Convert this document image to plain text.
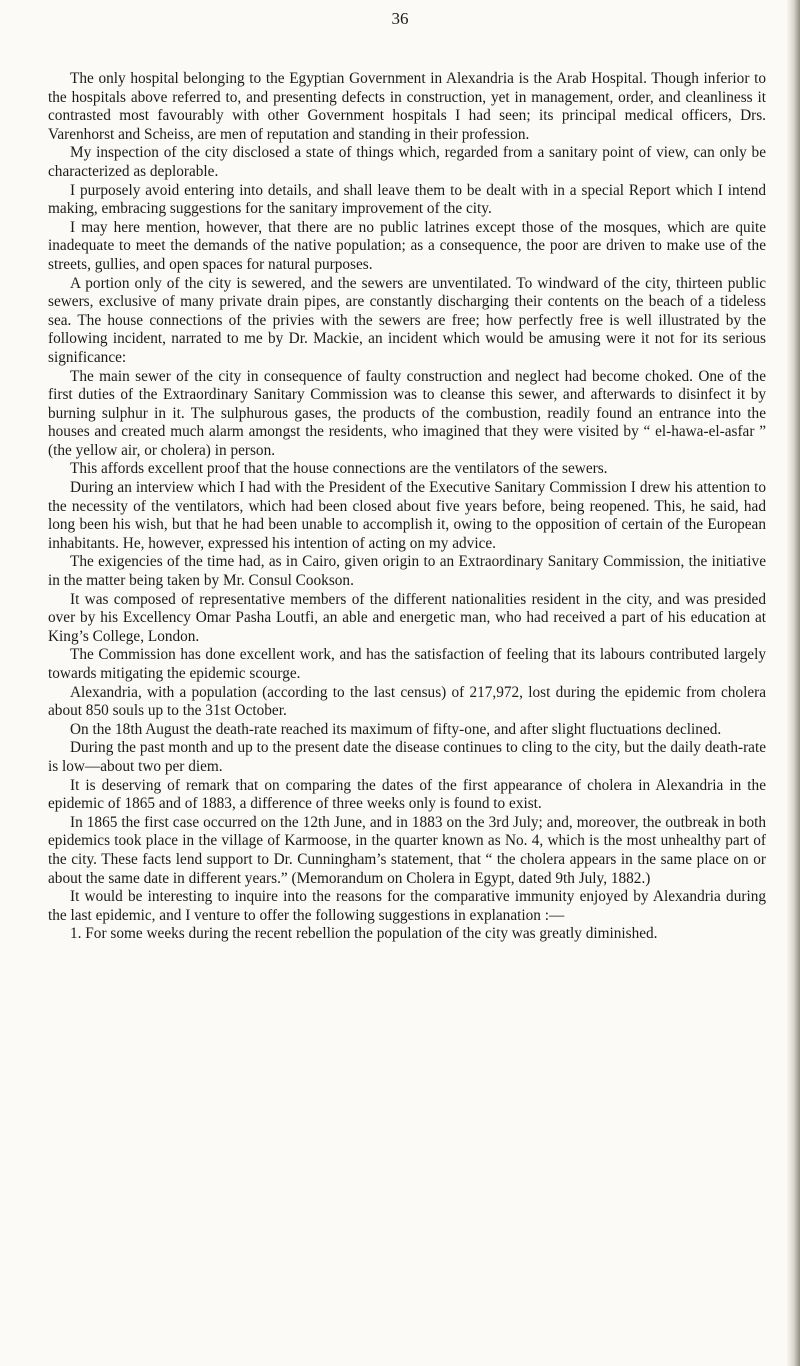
36

The only hospital belonging to the Egyptian Government in Alexandria is the Arab Hospital. Though inferior to the hospitals above referred to, and presenting defects in construction, yet in management, order, and cleanliness it contrasted most favourably with other Government hospitals I had seen; its principal medical officers, Drs. Varenhorst and Scheiss, are men of reputation and standing in their profession.

My inspection of the city disclosed a state of things which, regarded from a sanitary point of view, can only be characterized as deplorable.

I purposely avoid entering into details, and shall leave them to be dealt with in a special Report which I intend making, embracing suggestions for the sanitary improvement of the city.

I may here mention, however, that there are no public latrines except those of the mosques, which are quite inadequate to meet the demands of the native population; as a consequence, the poor are driven to make use of the streets, gullies, and open spaces for natural purposes.

A portion only of the city is sewered, and the sewers are unventilated. To windward of the city, thirteen public sewers, exclusive of many private drain pipes, are constantly discharging their contents on the beach of a tideless sea. The house connections of the privies with the sewers are free; how perfectly free is well illustrated by the following incident, narrated to me by Dr. Mackie, an incident which would be amusing were it not for its serious significance:

The main sewer of the city in consequence of faulty construction and neglect had become choked. One of the first duties of the Extraordinary Sanitary Commission was to cleanse this sewer, and afterwards to disinfect it by burning sulphur in it. The sulphurous gases, the products of the combustion, readily found an entrance into the houses and created much alarm amongst the residents, who imagined that they were visited by “ el-hawa-el-asfar ” (the yellow air, or cholera) in person.

This affords excellent proof that the house connections are the ventilators of the sewers.

During an interview which I had with the President of the Executive Sanitary Commission I drew his attention to the necessity of the ventilators, which had been closed about five years before, being reopened. This, he said, had long been his wish, but that he had been unable to accomplish it, owing to the opposition of certain of the European inhabitants. He, however, expressed his intention of acting on my advice.

The exigencies of the time had, as in Cairo, given origin to an Extraordinary Sanitary Commission, the initiative in the matter being taken by Mr. Consul Cookson.

It was composed of representative members of the different nationalities resident in the city, and was presided over by his Excellency Omar Pasha Loutfi, an able and energetic man, who had received a part of his education at King’s College, London.

The Commission has done excellent work, and has the satisfaction of feeling that its labours contributed largely towards mitigating the epidemic scourge.

Alexandria, with a population (according to the last census) of 217,972, lost during the epidemic from cholera about 850 souls up to the 31st October.

On the 18th August the death-rate reached its maximum of fifty-one, and after slight fluctuations declined.

During the past month and up to the present date the disease continues to cling to the city, but the daily death-rate is low—about two per diem.

It is deserving of remark that on comparing the dates of the first appearance of cholera in Alexandria in the epidemic of 1865 and of 1883, a difference of three weeks only is found to exist.

In 1865 the first case occurred on the 12th June, and in 1883 on the 3rd July; and, moreover, the outbreak in both epidemics took place in the village of Karmoose, in the quarter known as No. 4, which is the most unhealthy part of the city. These facts lend support to Dr. Cunningham’s statement, that “ the cholera appears in the same place on or about the same date in different years.” (Memorandum on Cholera in Egypt, dated 9th July, 1882.)

It would be interesting to inquire into the reasons for the comparative immunity enjoyed by Alexandria during the last epidemic, and I venture to offer the following suggestions in explanation :—

1. For some weeks during the recent rebellion the population of the city was greatly diminished.
